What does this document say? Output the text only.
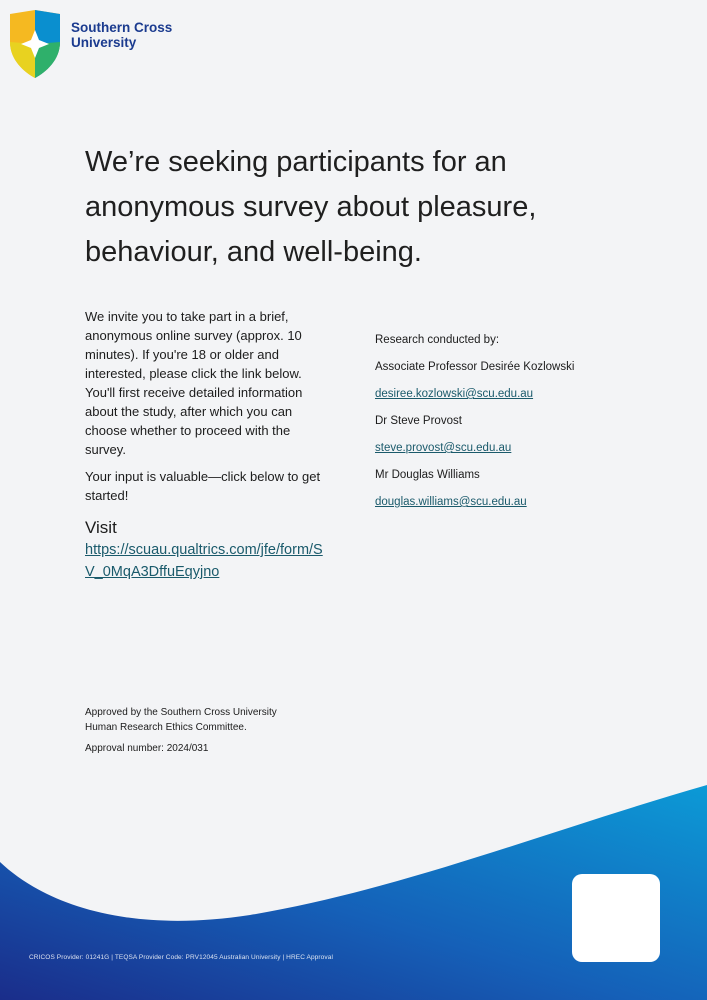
Southern Cross
University
We’re seeking participants for an
anonymous survey about pleasure,
behaviour, and well-being.

We invite you to take part in a brief, anonymous online survey (approx. 10 minutes). If you're 18 or older and interested, please click the link below. You'll first receive detailed information about the study, after which you can choose whether to proceed with the survey.

Your input is valuable—click below to get started!

Visit
https://scuau.qualtrics.com/jfe/form/SV_0MqA3DffuEqyjno
Research conducted by:
Associate Professor Desirée Kozlowski
desiree.kozlowski@scu.edu.au
Dr Steve Provost
steve.provost@scu.edu.au
Mr Douglas Williams
douglas.williams@scu.edu.au
Approved by the Southern Cross University
Human Research Ethics Committee.
Approval number: 2024/031
CRICOS Provider: 01241G | TEQSA Provider Code: PRV12045 Australian University | HREC Approval
